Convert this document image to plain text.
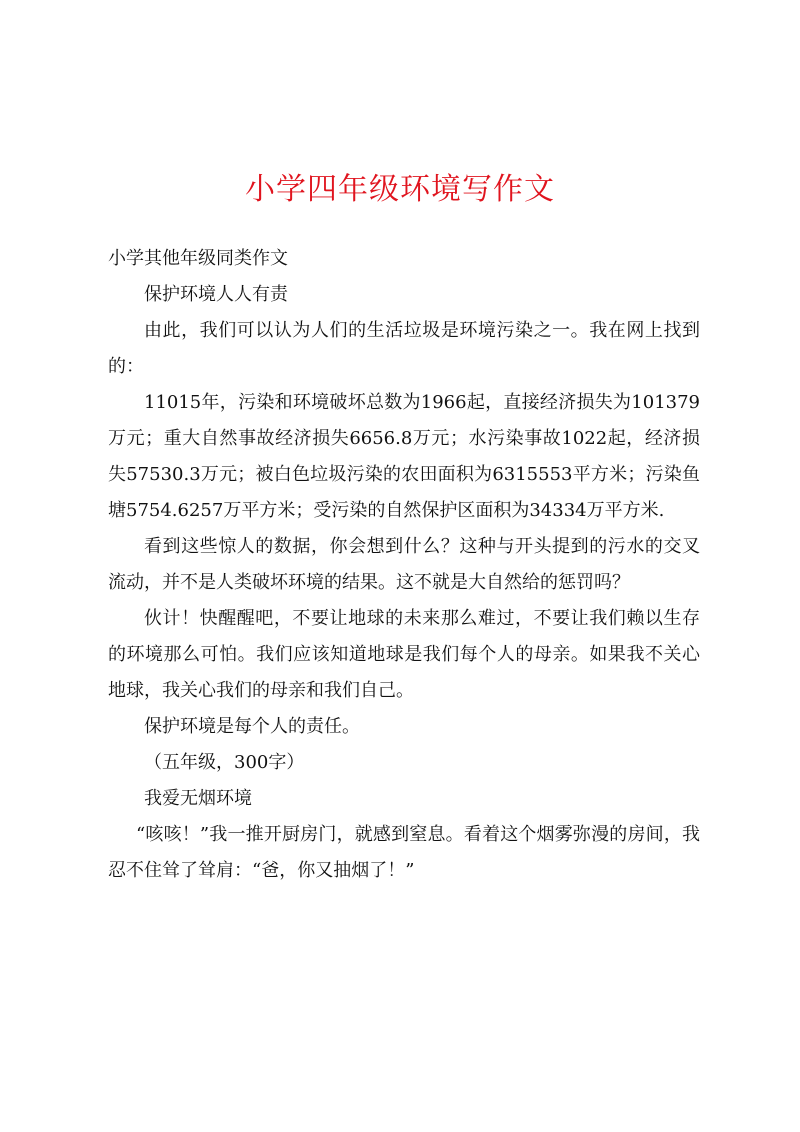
小学四年级环境写作文

小学其他年级同类作文

保护环境人人有责

由此，我们可以认为人们的生活垃圾是环境污染之一。我在网上找到的：

11015年，污染和环境破坏总数为1966起，直接经济损失为101379万元；重大自然事故经济损失6656.8万元；水污染事故1022起，经济损失57530.3万元；被白色垃圾污染的农田面积为6315553平方米；污染鱼塘5754.6257万平方米；受污染的自然保护区面积为34334万平方米.

看到这些惊人的数据，你会想到什么？这种与开头提到的污水的交叉流动，并不是人类破坏环境的结果。这不就是大自然给的惩罚吗？

伙计！快醒醒吧，不要让地球的未来那么难过，不要让我们赖以生存的环境那么可怕。我们应该知道地球是我们每个人的母亲。如果我不关心地球，我关心我们的母亲和我们自己。

保护环境是每个人的责任。

（五年级，300字）

我爱无烟环境

“咳咳！”我一推开厨房门，就感到窒息。看着这个烟雾弥漫的房间，我忍不住耸了耸肩：“爸，你又抽烟了！”
